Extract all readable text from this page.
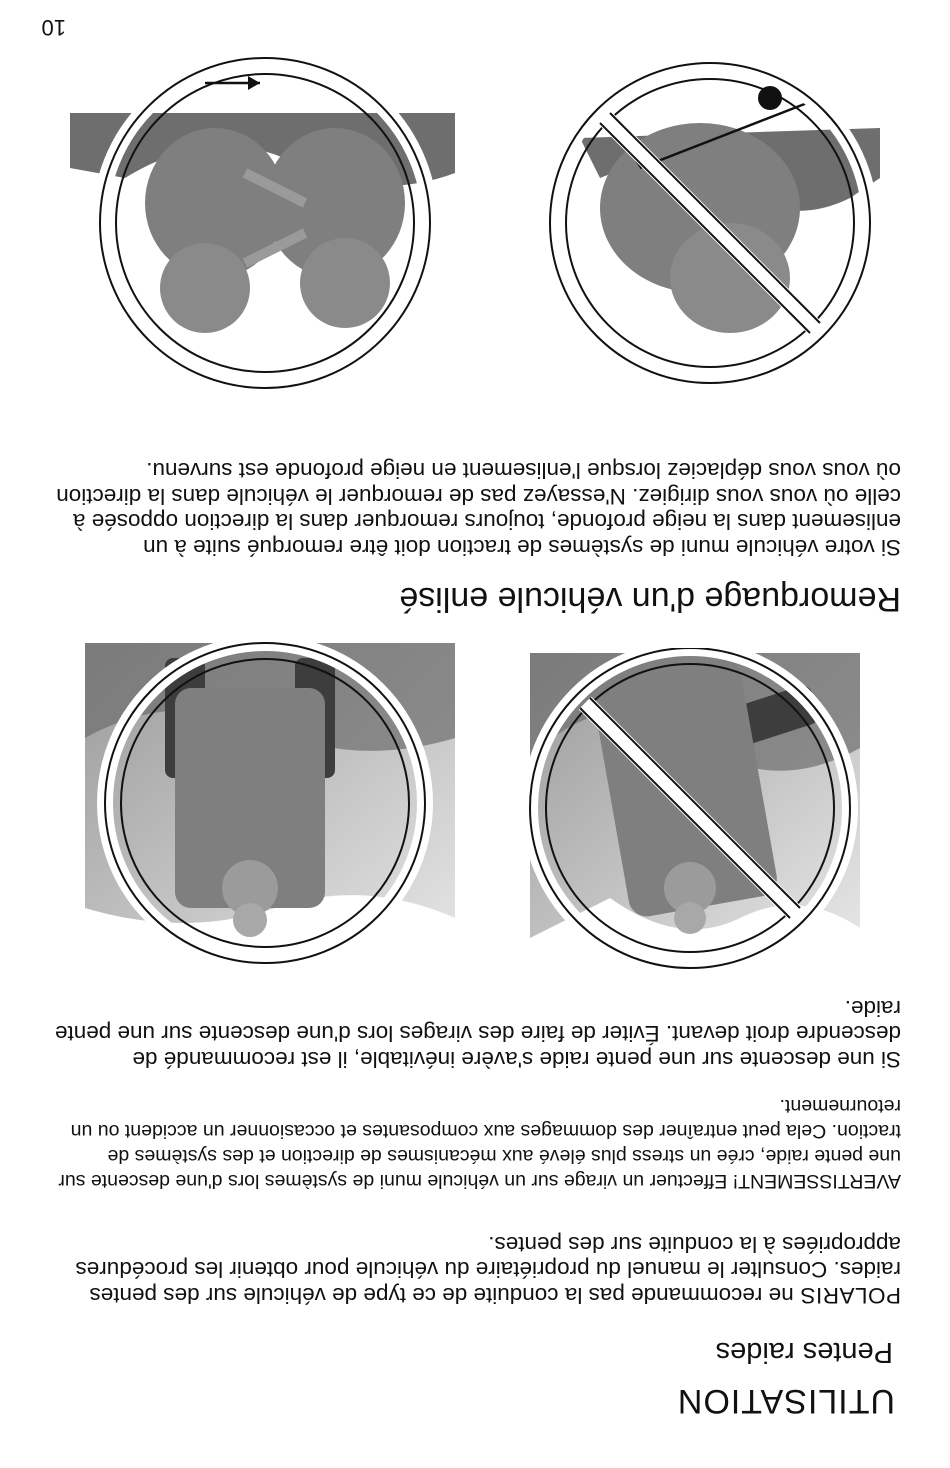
10
UTILISATION
Pentes raides

POLARIS ne recommande pas la conduite de ce type de véhicule sur des pentes raides. Consulter le manuel du propriétaire du véhicule pour obtenir les procédures appropriées à la conduite sur des pentes.

AVERTISSEMENT! Effectuer un virage sur un véhicule muni de systèmes lors d'une descente sur une pente raide, crée un stress plus élevé aux mécanismes de direction et des systèmes de traction. Cela peut entraîner des dommages aux composantes et occasionner un accident ou un retournement.

Si une descente sur une pente raide s'avère inévitable, il est recommandé de descendre droit devant. Éviter de faire des virages lors d'une descente sur une pente raide.

Remorquage d'un véhicule enlisé

Si votre véhicule muni de systèmes de traction doit être remorqué suite à un enlisement dans la neige profonde, toujours remorquer dans la direction opposée à celle où vous vous dirigiez. N'essayez pas de remorquer le véhicule dans la direction où vous vous déplaciez lorsque l'enlisement en neige profonde est survenu.
